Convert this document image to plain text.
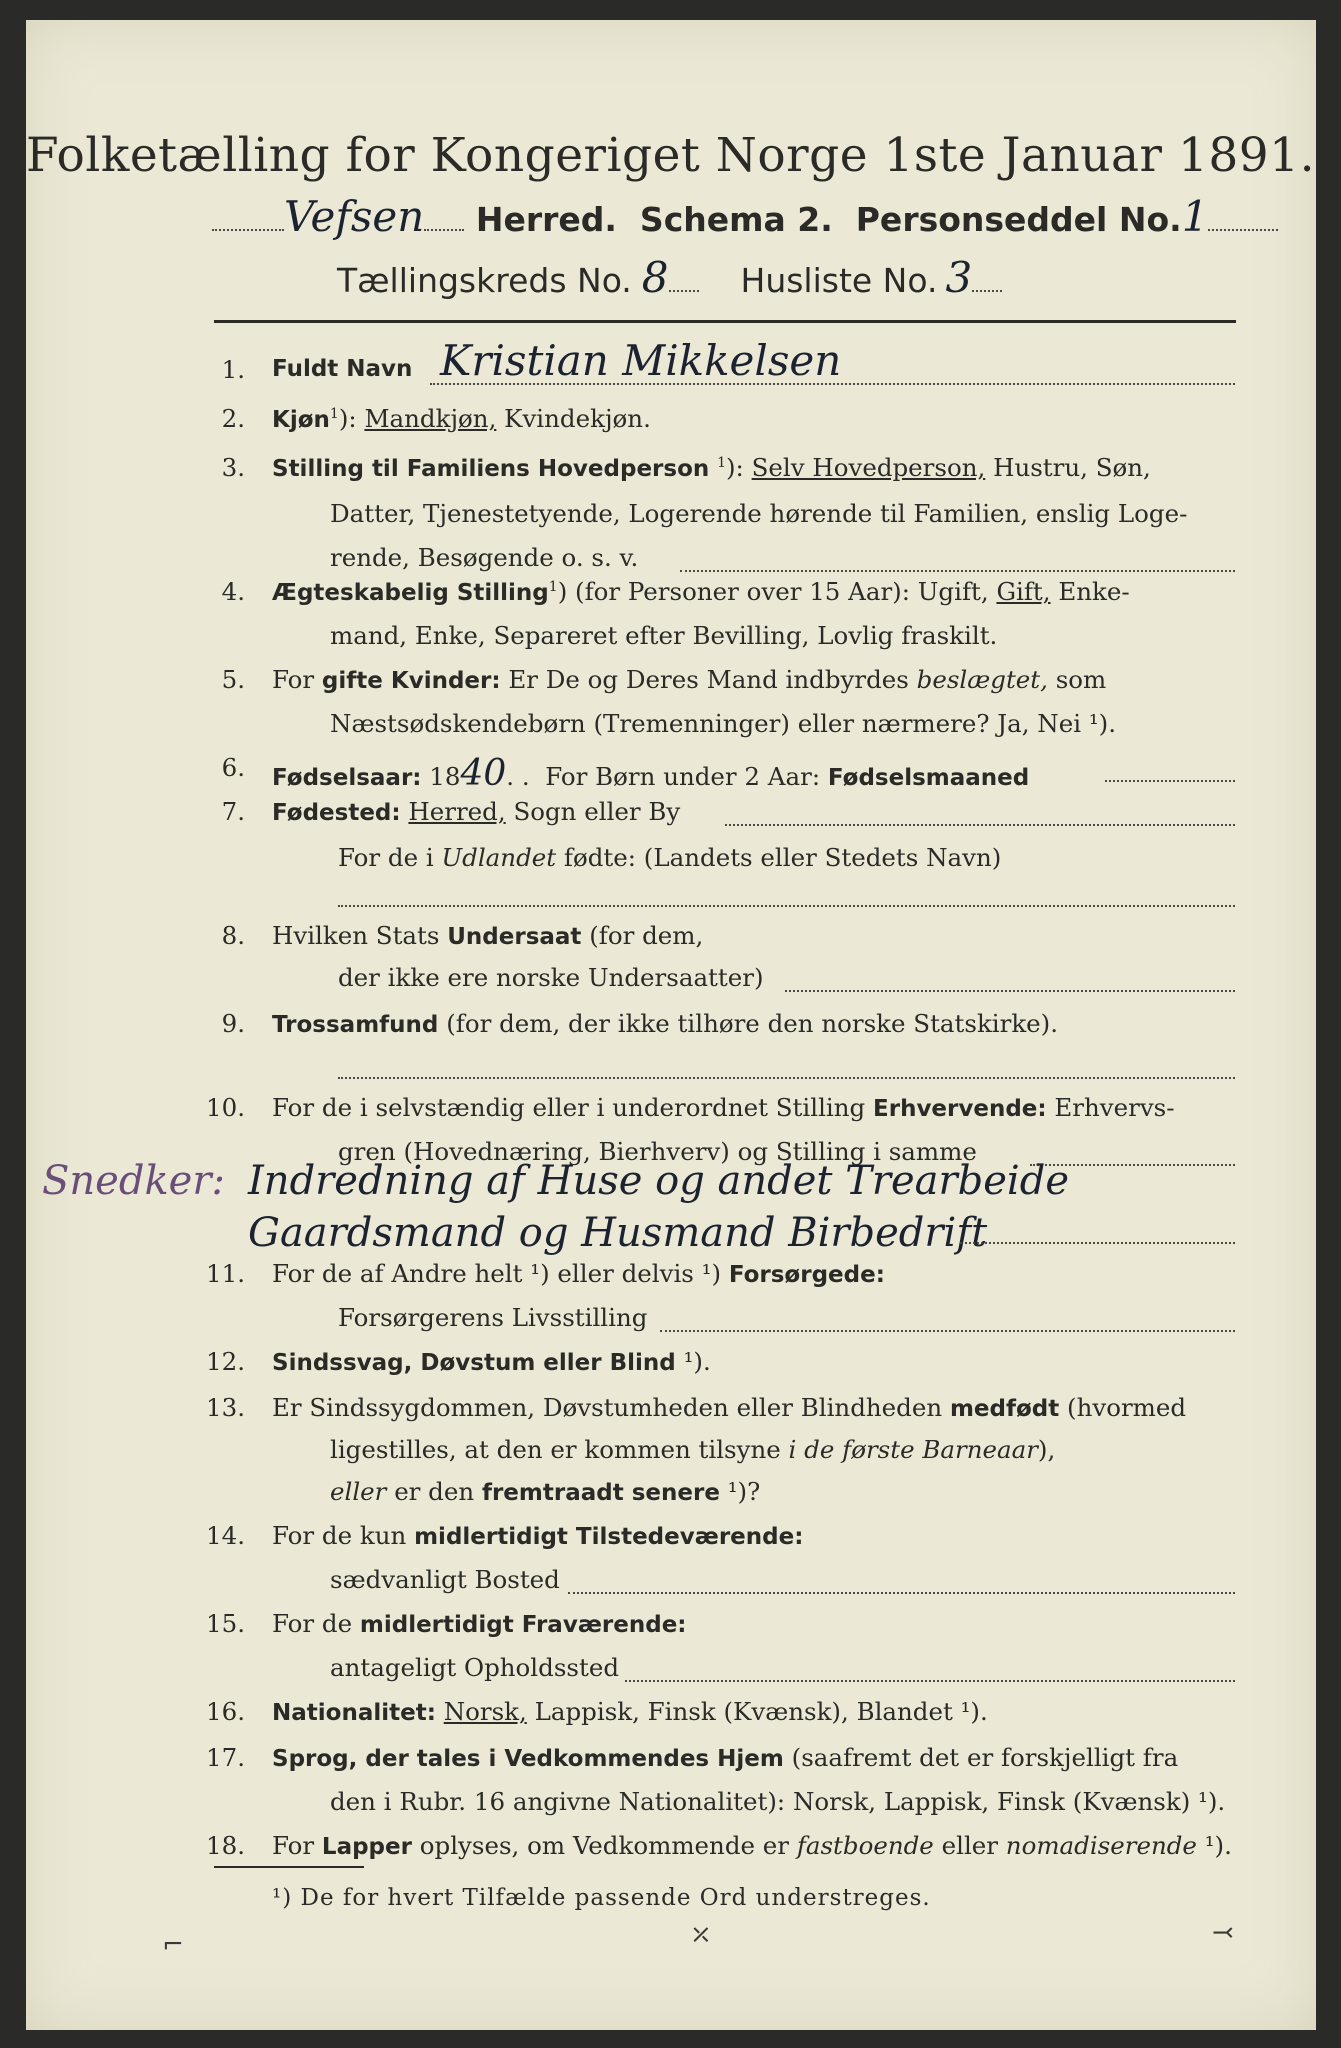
Folketælling for Kongeriget Norge 1ste Januar 1891.
Vefsen Herred. Schema 2. Personseddel No.1
Tællingskreds No. 8 Husliste No. 3
1. Fuldt Navn Kristian Mikkelsen
2. Kjøn$^1$): Mandkjøn, Kvindekjøn.
3. Stilling til Familiens Hovedperson $^1$): Selv Hovedperson, Hustru, Søn,
Datter, Tjenestetyende, Logerende hørende til Familien, enslig Loge-
rende, Besøgende o. s. v.
4. Ægteskabelig Stilling$^1$) (for Personer over 15 Aar): Ugift, Gift, Enke-
mand, Enke, Separeret efter Bevilling, Lovlig fraskilt.
5. For gifte Kvinder: Er De og Deres Mand indbyrdes beslægtet, som
Næstsødskendebørn (Tremenninger) eller nærmere? Ja, Nei ¹).
6. Fødselsaar: 1840. .  For Børn under 2 Aar: Fødselsmaaned
7. Fødested: Herred, Sogn eller By
For de i Udlandet fødte: (Landets eller Stedets Navn)
8. Hvilken Stats Undersaat (for dem,
der ikke ere norske Undersaatter)
9. Trossamfund (for dem, der ikke tilhøre den norske Statskirke).
10. For de i selvstændig eller i underordnet Stilling Erhvervende: Erhvervs-
gren (Hovednæring, Bierhverv) og Stilling i samme
Snedker: Indredning af Huse og andet Trearbeide
Gaardsmand og Husmand Birbedrift
11. For de af Andre helt ¹) eller delvis ¹) Forsørgede:
Forsørgerens Livsstilling
12. Sindssvag, Døvstum eller Blind ¹).
13. Er Sindssygdommen, Døvstumheden eller Blindheden medfødt (hvormed
ligestilles, at den er kommen tilsyne i de første Barneaar),
eller er den fremtraadt senere ¹)?
14. For de kun midlertidigt Tilstedeværende:
sædvanligt Bosted
15. For de midlertidigt Fraværende:
antageligt Opholdssted
16. Nationalitet: Norsk, Lappisk, Finsk (Kvænsk), Blandet ¹).
17. Sprog, der tales i Vedkommendes Hjem (saafremt det er forskjelligt fra
den i Rubr. 16 angivne Nationalitet): Norsk, Lappisk, Finsk (Kvænsk) ¹).
18. For Lapper oplyses, om Vedkommende er fastboende eller nomadiserende ¹).
¹) De for hvert Tilfælde passende Ord understreges.
⌐	⤫	⤙
